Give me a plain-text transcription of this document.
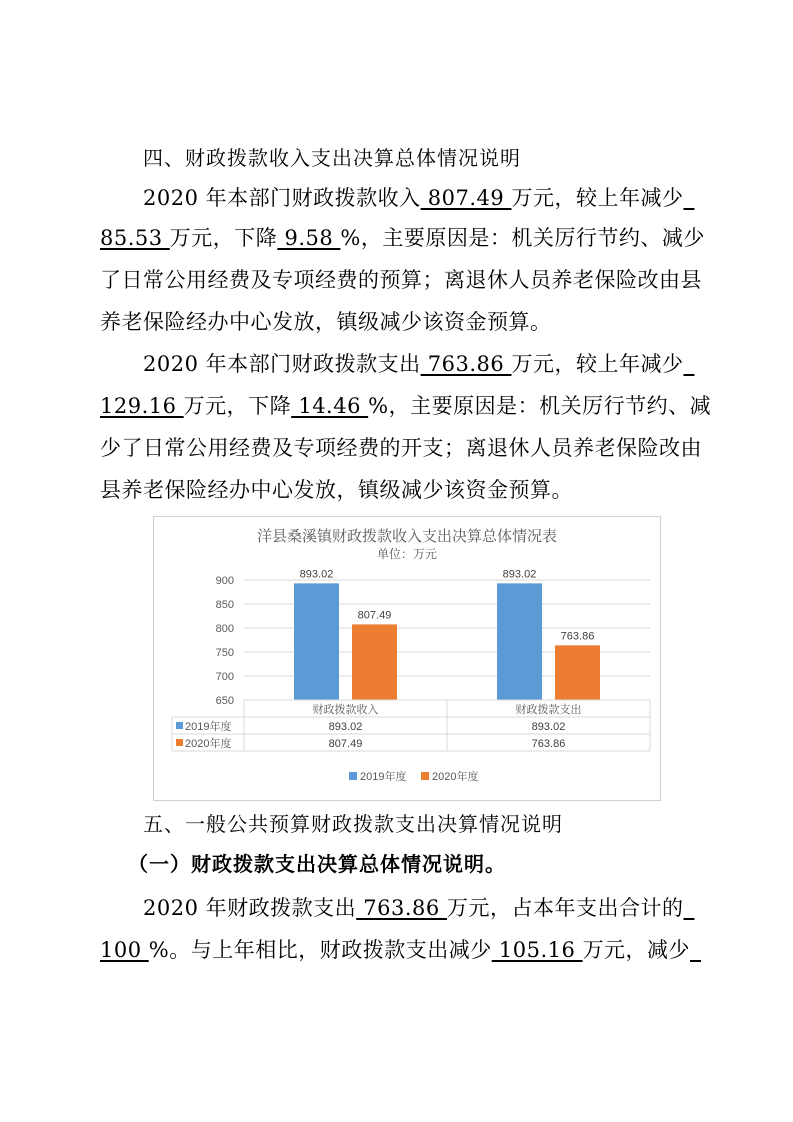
四、财政拨款收入支出决算总体情况说明
2020 年本部门财政拨款收入 807.49 万元，较上年减少_
85.53 万元，下降 9.58 %，主要原因是：机关厉行节约、减少
了日常公用经费及专项经费的预算；离退休人员养老保险改由县
养老保险经办中心发放，镇级减少该资金预算。
2020 年本部门财政拨款支出 763.86 万元，较上年减少_
129.16 万元，下降 14.46 %，主要原因是：机关厉行节约、减
少了日常公用经费及专项经费的开支；离退休人员养老保险改由
县养老保险经办中心发放，镇级减少该资金预算。
洋县桑溪镇财政拨款收入支出决算总体情况表
单位：万元
650
700
750
800
850
900
893.02
807.49
893.02
763.86
财政拨款收入	财政拨款支出
2019年度	893.02	893.02
2020年度	807.49	763.86
2019年度 2020年度
五、一般公共预算财政拨款支出决算情况说明
（一）财政拨款支出决算总体情况说明。
2020 年财政拨款支出 763.86 万元，占本年支出合计的_
100 %。与上年相比，财政拨款支出减少 105.16 万元，减少_
